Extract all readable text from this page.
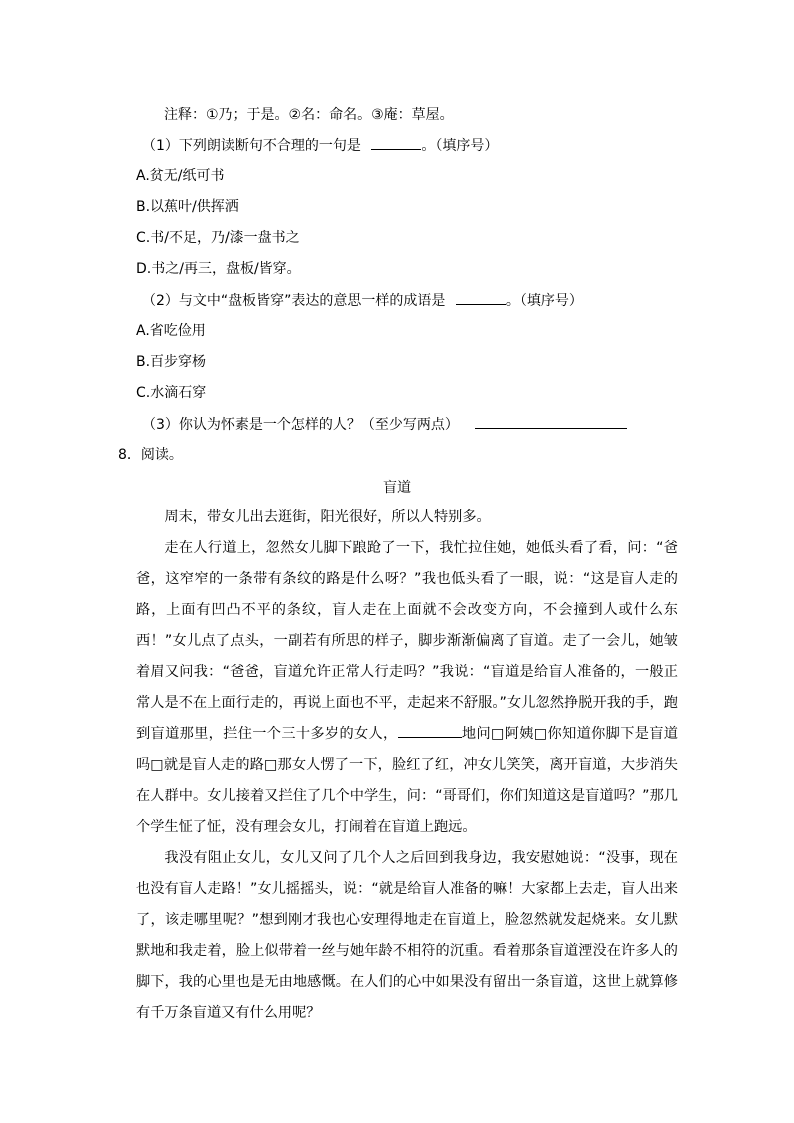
注释：①乃；于是。②名：命名。③庵：草屋。
（1）下列朗读断句不合理的一句是	。（填序号）
A.贫无/纸可书
B.以蕉叶/供挥洒
C.书/不足，乃/漆一盘书之
D.书之/再三，盘板/皆穿。
（2）与文中“盘板皆穿”表达的意思一样的成语是	。（填序号）
A.省吃俭用
B.百步穿杨
C.水滴石穿
（3）你认为怀素是一个怎样的人？（至少写两点）
8．阅读。
盲道
周末，带女儿出去逛街，阳光很好，所以人特别多。
走在人行道上，忽然女儿脚下踉跄了一下，我忙拉住她，她低头看了看，问：“爸爸，这窄窄的一条带有条纹的路是什么呀？”我也低头看了一眼，说：“这是盲人走的路，上面有凹凸不平的条纹，盲人走在上面就不会改变方向，不会撞到人或什么东西！”女儿点了点头，一副若有所思的样子，脚步渐渐偏离了盲道。走了一会儿，她皱着眉又问我：“爸爸，盲道允许正常人行走吗？”我说：“盲道是给盲人准备的，一般正常人是不在上面行走的，再说上面也不平，走起来不舒服。”女儿忽然挣脱开我的手，跑到盲道那里，拦住一个三十多岁的女人，	地问□阿姨□你知道你脚下是盲道吗□就是盲人走的路□那女人愣了一下，脸红了红，冲女儿笑笑，离开盲道，大步消失在人群中。女儿接着又拦住了几个中学生，问：“哥哥们，你们知道这是盲道吗？”那几个学生怔了怔，没有理会女儿，打闹着在盲道上跑远。
我没有阻止女儿，女儿又问了几个人之后回到我身边，我安慰她说：“没事，现在也没有盲人走路！”女儿摇摇头，说：“就是给盲人准备的嘛！大家都上去走，盲人出来了，该走哪里呢？”想到刚才我也心安理得地走在盲道上，脸忽然就发起烧来。女儿默默地和我走着，脸上似带着一丝与她年龄不相符的沉重。看着那条盲道湮没在许多人的脚下，我的心里也是无由地感慨。在人们的心中如果没有留出一条盲道，这世上就算修有千万条盲道又有什么用呢？
